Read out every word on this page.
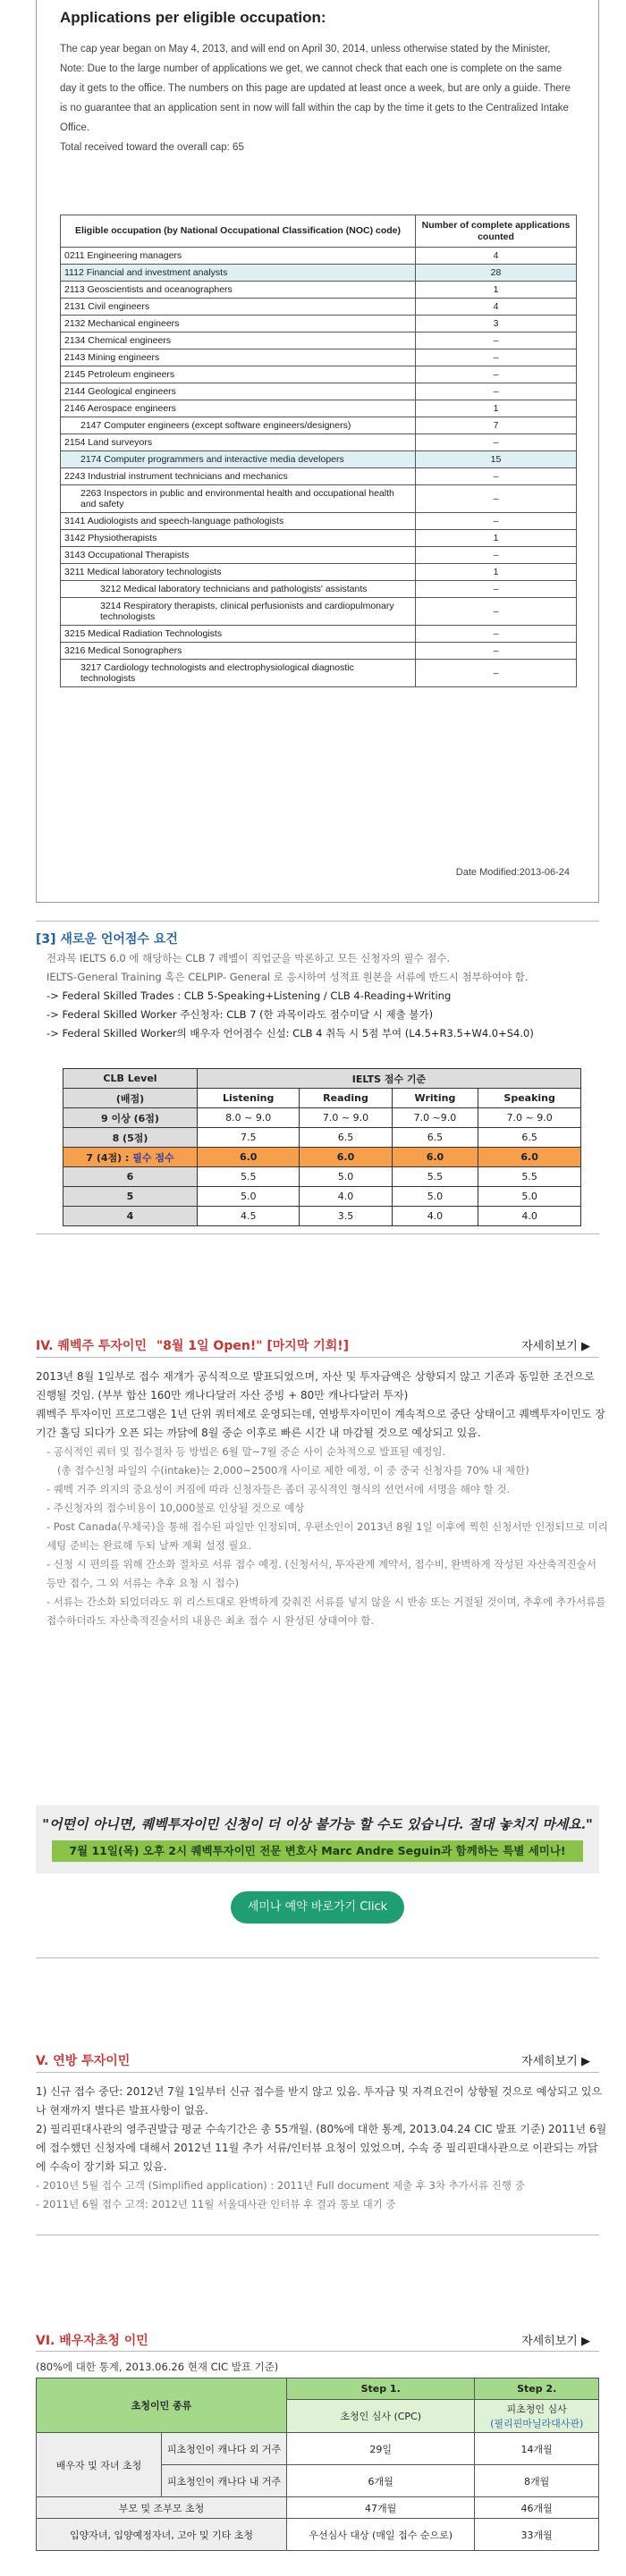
Applications per eligible occupation:

The cap year began on May 4, 2013, and will end on April 30, 2014, unless otherwise stated by the Minister,

Note: Due to the large number of applications we get, we cannot check that each one is complete on the same day it gets to the office. The numbers on this page are updated at least once a week, but are only a guide. There is no guarantee that an application sent in now will fall within the cap by the time it gets to the Centralized Intake Office.

Total received toward the overall cap: 65

Eligible occupation (by National Occupational Classification (NOC) code)	Number of complete applications counted

0211 Engineering managers	4

1112 Financial and investment analysts	28

2113 Geoscientists and oceanographers	1

2131 Civil engineers	4

2132 Mechanical engineers	3

2134 Chemical engineers	–

2143 Mining engineers	–

2145 Petroleum engineers	–

2144 Geological engineers	–

2146 Aerospace engineers	1

2147 Computer engineers (except software engineers/designers)	7

2154 Land surveyors	–

2174 Computer programmers and interactive media developers	15

2243 Industrial instrument technicians and mechanics	–

2263 Inspectors in public and environmental health and occupational health and safety	–

3141 Audiologists and speech-language pathologists	–

3142 Physiotherapists	1

3143 Occupational Therapists	–

3211 Medical laboratory technologists	1

3212 Medical laboratory technicians and pathologists' assistants	–

3214 Respiratory therapists, clinical perfusionists and cardiopulmonary technologists	–

3215 Medical Radiation Technologists	–

3216 Medical Sonographers	–

3217 Cardiology technologists and electrophysiological diagnostic technologists	–
Date Modified:2013-06-24
[3] 새로운 언어점수 요건

전과목 IELTS 6.0 에 해당하는 CLB 7 레벨이 직업군을 막론하고 모든 신청자의 필수 점수.

IELTS-General Training 혹은 CELPIP- General 로 응시하여 성적표 원본을 서류에 반드시 첨부하여야 함.

-> Federal Skilled Trades : CLB 5-Speaking+Listening / CLB 4-Reading+Writing

-> Federal Skilled Worker 주신청자: CLB 7 (한 과목이라도 점수미달 시 제출 불가)

-> Federal Skilled Worker의 배우자 언어점수 신설: CLB 4 취득 시 5점 부여 (L4.5+R3.5+W4.0+S4.0)

CLB Level	IELTS 점수 기준			
(배점)	Listening	Reading	Writing	Speaking
9 이상 (6점)	8.0 ~ 9.0	7.0 ~ 9.0	7.0 ~9.0	7.0 ~ 9.0
8 (5점)	7.5	6.5	6.5	6.5
7 (4점) : 필수 점수	6.0	6.0	6.0	6.0
6	5.5	5.0	5.5	5.5
5	5.0	4.0	5.0	5.0
4	4.5	3.5	4.0	4.0
IV. 퀘벡주 투자이민 "8월 1일 Open!" [마지막 기회!]	자세히보기 ▶

2013년 8월 1일부로 접수 재개가 공식적으로 발표되었으며, 자산 및 투자금액은 상향되지 않고 기존과 동일한 조건으로 진행될 것임. (부부 합산 160만 캐나다달러 자산 증빙 + 80만 캐나다달러 투자)

퀘벡주 투자이민 프로그램은 1년 단위 쿼터제로 운영되는데, 연방투자이민이 계속적으로 중단 상태이고 퀘벡투자이민도 장기간 홀딩 되다가 오픈 되는 까닭에 8월 중순 이후로 빠른 시간 내 마감될 것으로 예상되고 있음.

- 공식적인 쿼터 및 접수절차 등 방법은 6월 말~7월 중순 사이 순차적으로 발표될 예정임.

(총 접수신청 파일의 수(intake)는 2,000~2500개 사이로 제한 예정, 이 중 중국 신청자를 70% 내 제한)

- 퀘벡 거주 의지의 중요성이 커짐에 따라 신청자들은 좀더 공식적인 형식의 선언서에 서명을 해야 할 것.

- 주신청자의 접수비용이 10,000불로 인상될 것으로 예상

- Post Canada(우체국)을 통해 접수된 파일만 인정되며, 우편소인이 2013년 8월 1일 이후에 찍힌 신청서만 인정되므로 미리 세팅 준비는 완료해 두되 날짜 계획 설정 필요.

- 신청 시 편의를 위해 간소화 절차로 서류 접수 예정. (신청서식, 투자관계 계약서, 접수비, 완벽하게 작성된 자산축적진술서 등만 접수, 그 외 서류는 추후 요청 시 접수)

- 서류는 간소화 되었더라도 위 리스트대로 완벽하게 갖춰진 서류를 넣지 않을 시 반송 또는 거절될 것이며, 추후에 추가서류를 접수하더라도 자산축적진술서의 내용은 최초 접수 시 완성된 상태여야 함.

"어떤이 아니면, 퀘벡투자이민 신청이 더 이상 불가능 할 수도 있습니다. 절대 놓치지 마세요."
7월 11일(목) 오후 2시 퀘벡투자이민 전문 변호사 Marc Andre Seguin과 함께하는 특별 세미나!
세미나 예약 바로가기 Click
V. 연방 투자이민	자세히보기 ▶

1) 신규 접수 중단: 2012년 7월 1일부터 신규 접수를 받지 않고 있음. 투자금 및 자격요건이 상향될 것으로 예상되고 있으나 현재까지 별다른 발표사항이 없음.

2) 필리핀대사관의 영주권발급 평균 수속기간은 총 55개월. (80%에 대한 통계, 2013.04.24 CIC 발표 기준) 2011년 6월에 접수했던 신청자에 대해서 2012년 11월 추가 서류/인터뷰 요청이 있었으며, 수속 중 필리핀대사관으로 이관되는 까닭에 수속이 장기화 되고 있음.

- 2010년 5월 접수 고객 (Simplified application) : 2011년 Full document 제출 후 3차 추가서류 진행 중

- 2011년 6월 접수 고객: 2012년 11월 서울대사관 인터뷰 후 결과 통보 대기 중

VI. 배우자초청 이민	자세히보기 ▶
(80%에 대한 통계, 2013.06.26 현재 CIC 발표 기준)
초청이민 종류		Step 1.	Step 2.
		초청인 심사 (CPC)	피초청인 심사
(필리핀마닐라대사관)
배우자 및 자녀 초청	피초청인이 캐나다 외 거주	29일	14개월
	피초청인이 캐나다 내 거주	6개월	8개월
부모 및 조부모 초청		47개월	46개월
입양자녀, 입양예정자녀, 고아 및 기타 초청		우선심사 대상 (매일 접수 순으로)	33개월
